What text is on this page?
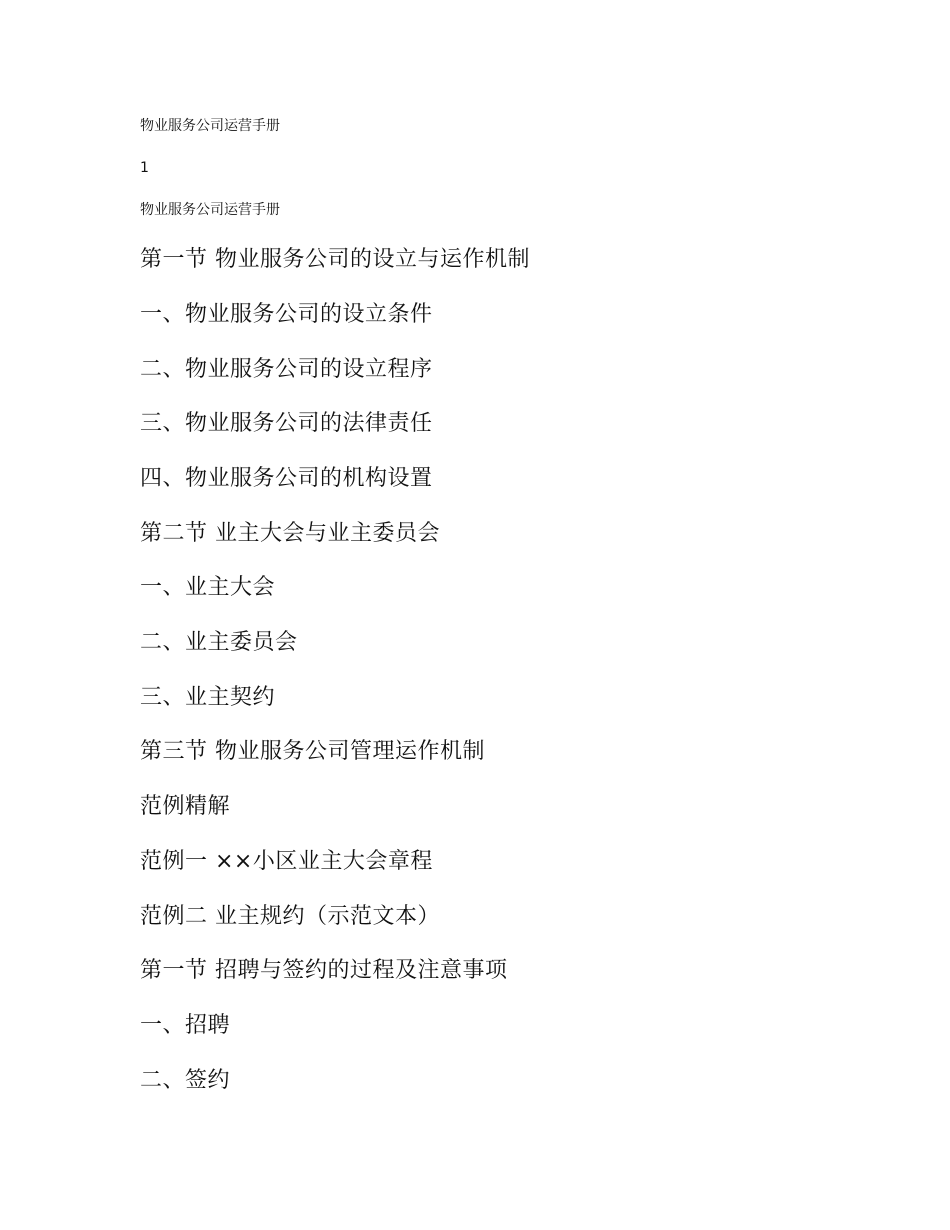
物业服务公司运营手册
1
物业服务公司运营手册
第一节 物业服务公司的设立与运作机制
一、物业服务公司的设立条件
二、物业服务公司的设立程序
三、物业服务公司的法律责任
四、物业服务公司的机构设置
第二节 业主大会与业主委员会
一、业主大会
二、业主委员会
三、业主契约
第三节 物业服务公司管理运作机制
范例精解
范例一 ××小区业主大会章程
范例二 业主规约（示范文本）
第一节 招聘与签约的过程及注意事项
一、招聘
二、签约
